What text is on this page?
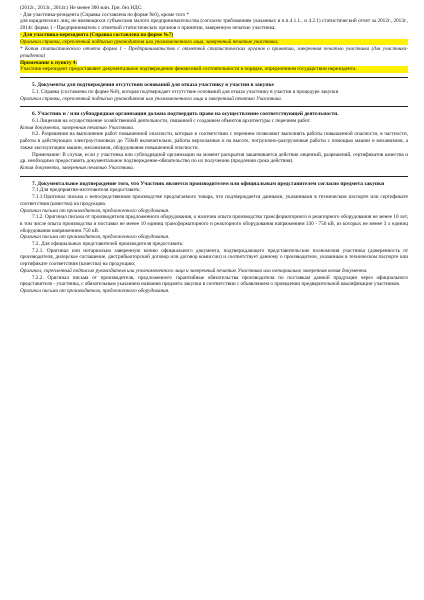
(2012г., 2013г., 2014г.) Не менее 300 млн. Грн. без НДС:

- Для участника-резидента (Справка составлена по форме №6), кроме того *

для юридических лиц, не являющихся субъектами малого предпринимательства (согласно требованиям указанных в п.п.4.1.1., и 4.2.1) статистический отчет за 2012г., 2013г., 2014г. форма 1 - Предприниматель с отметкой статистических органов о принятии, заверенную печатью участника;

- Для участника-нерезидента (Справка составлена по форме №7)

Оригинал справки, скрепленный подписью руководителя или уполномоченного лица, заверенный печатью участника;

* Копия статистического отчета форма 1 - Предприниматьство с отметкой статистических органов о принятии, заверенная печатью участника (для участника-резидента)

Примечание к пункту 4:

Участник-нерезидент предоставляет документальное подтверждение финансовой состоятельности в порядке, определенном государством нерезидента.

5. Документы для подтверждения отсутствии оснований для отказа участнику в участии в закупке

5.1. Справка (составлена по форме №8), которая подтверждает отсутствие оснований для отказа участнику в участии в процедуре закупки

Оригинал справки, скрепленный подписью руководителя или уполномоченного лица и заверенный печатью Участника.

6. Участник и / или субподрядная организация должна подтвердить право на осуществление соответствующей деятельности.

6.1.Лицензия на осуществление хозяйственной деятельности, связанной с созданием объектов архитектуры с перечнем работ.

Копия документа, заверенная печатью Участника.

6.2. Разрешения на выполнение работ повышенной опасности, которые в соответствии с перечнем позволяют выполнять работы повышенной опасности, в частности, работы в действующих электроустановках до 750кВ включительно, работы верхолазные и на высоте, погрузочно-разгрузочные работы с помощью машин и механизмов, а также эксплуатацию машин, механизмов, оборудования повышенной опасности.

Примечание: В случае, если у участника или субподрядной организации на момент раскрытия заканчивается действие лицензий, разрешений, сертификатов качества и др. необходимо предоставить документальное подтверждение-обязательство по их получению (продления срока действия).

Копия документа, заверенная печатью Участника.

7. Документальное подтверждение того, что Участник является производителем или официальным представителем согласно предмета закупки

7.1.Для предприятия-изготовителя предоставить:

7.1.1.Оригинал письма о непосредственном производстве предлагаемого товара, что подтверждается данными, указанными в техническом паспорте или сертификате соответствия (качества) на продукцию.

Оригинал письма от производителя, предложенного оборудования.

7.1.2. Оригинал письма от производителя предложенного оборудования, о наличии опыта производства трансформаторного и реакторного оборудования не менее 10 лет, в том числе опыта производства и поставки не менее 10 единиц трансформаторного и реакторного оборудования напряжением 330 - 750 кВ, из которых не менее 3 х единиц оборудования напряжением 750 кВ.

Оригинал письма от производителя, предложенного оборудования.

7.2. Для официальных представителей производителя предоставить:

7.2.1. Оригинал или нотариально заверенную копию официального документа, подтверждающего представительские полномочия участника (доверенность от производителя, дилерское соглашение, дистрибьюторский договор или договор комиссии) и соответствует данному о производителе, указанным в техническом паспорте или сертификате соответствия (качества) на продукцию;

Оригинал, скрепленный подписью руководителя или уполномоченного лица и заверенный печатью Участника или нотариально заверенная копия документа.

7.2.2. Оригинал письма от производителя, предложенного гарантийные обязательства производителя по поставкам данной продукции через официального представителя - участника, с обязательным указанием названия предмета закупки в соответствии с объявлением о проведении предварительной квалификации участников.

Оригинал письма от производителя, предложенного оборудования.
